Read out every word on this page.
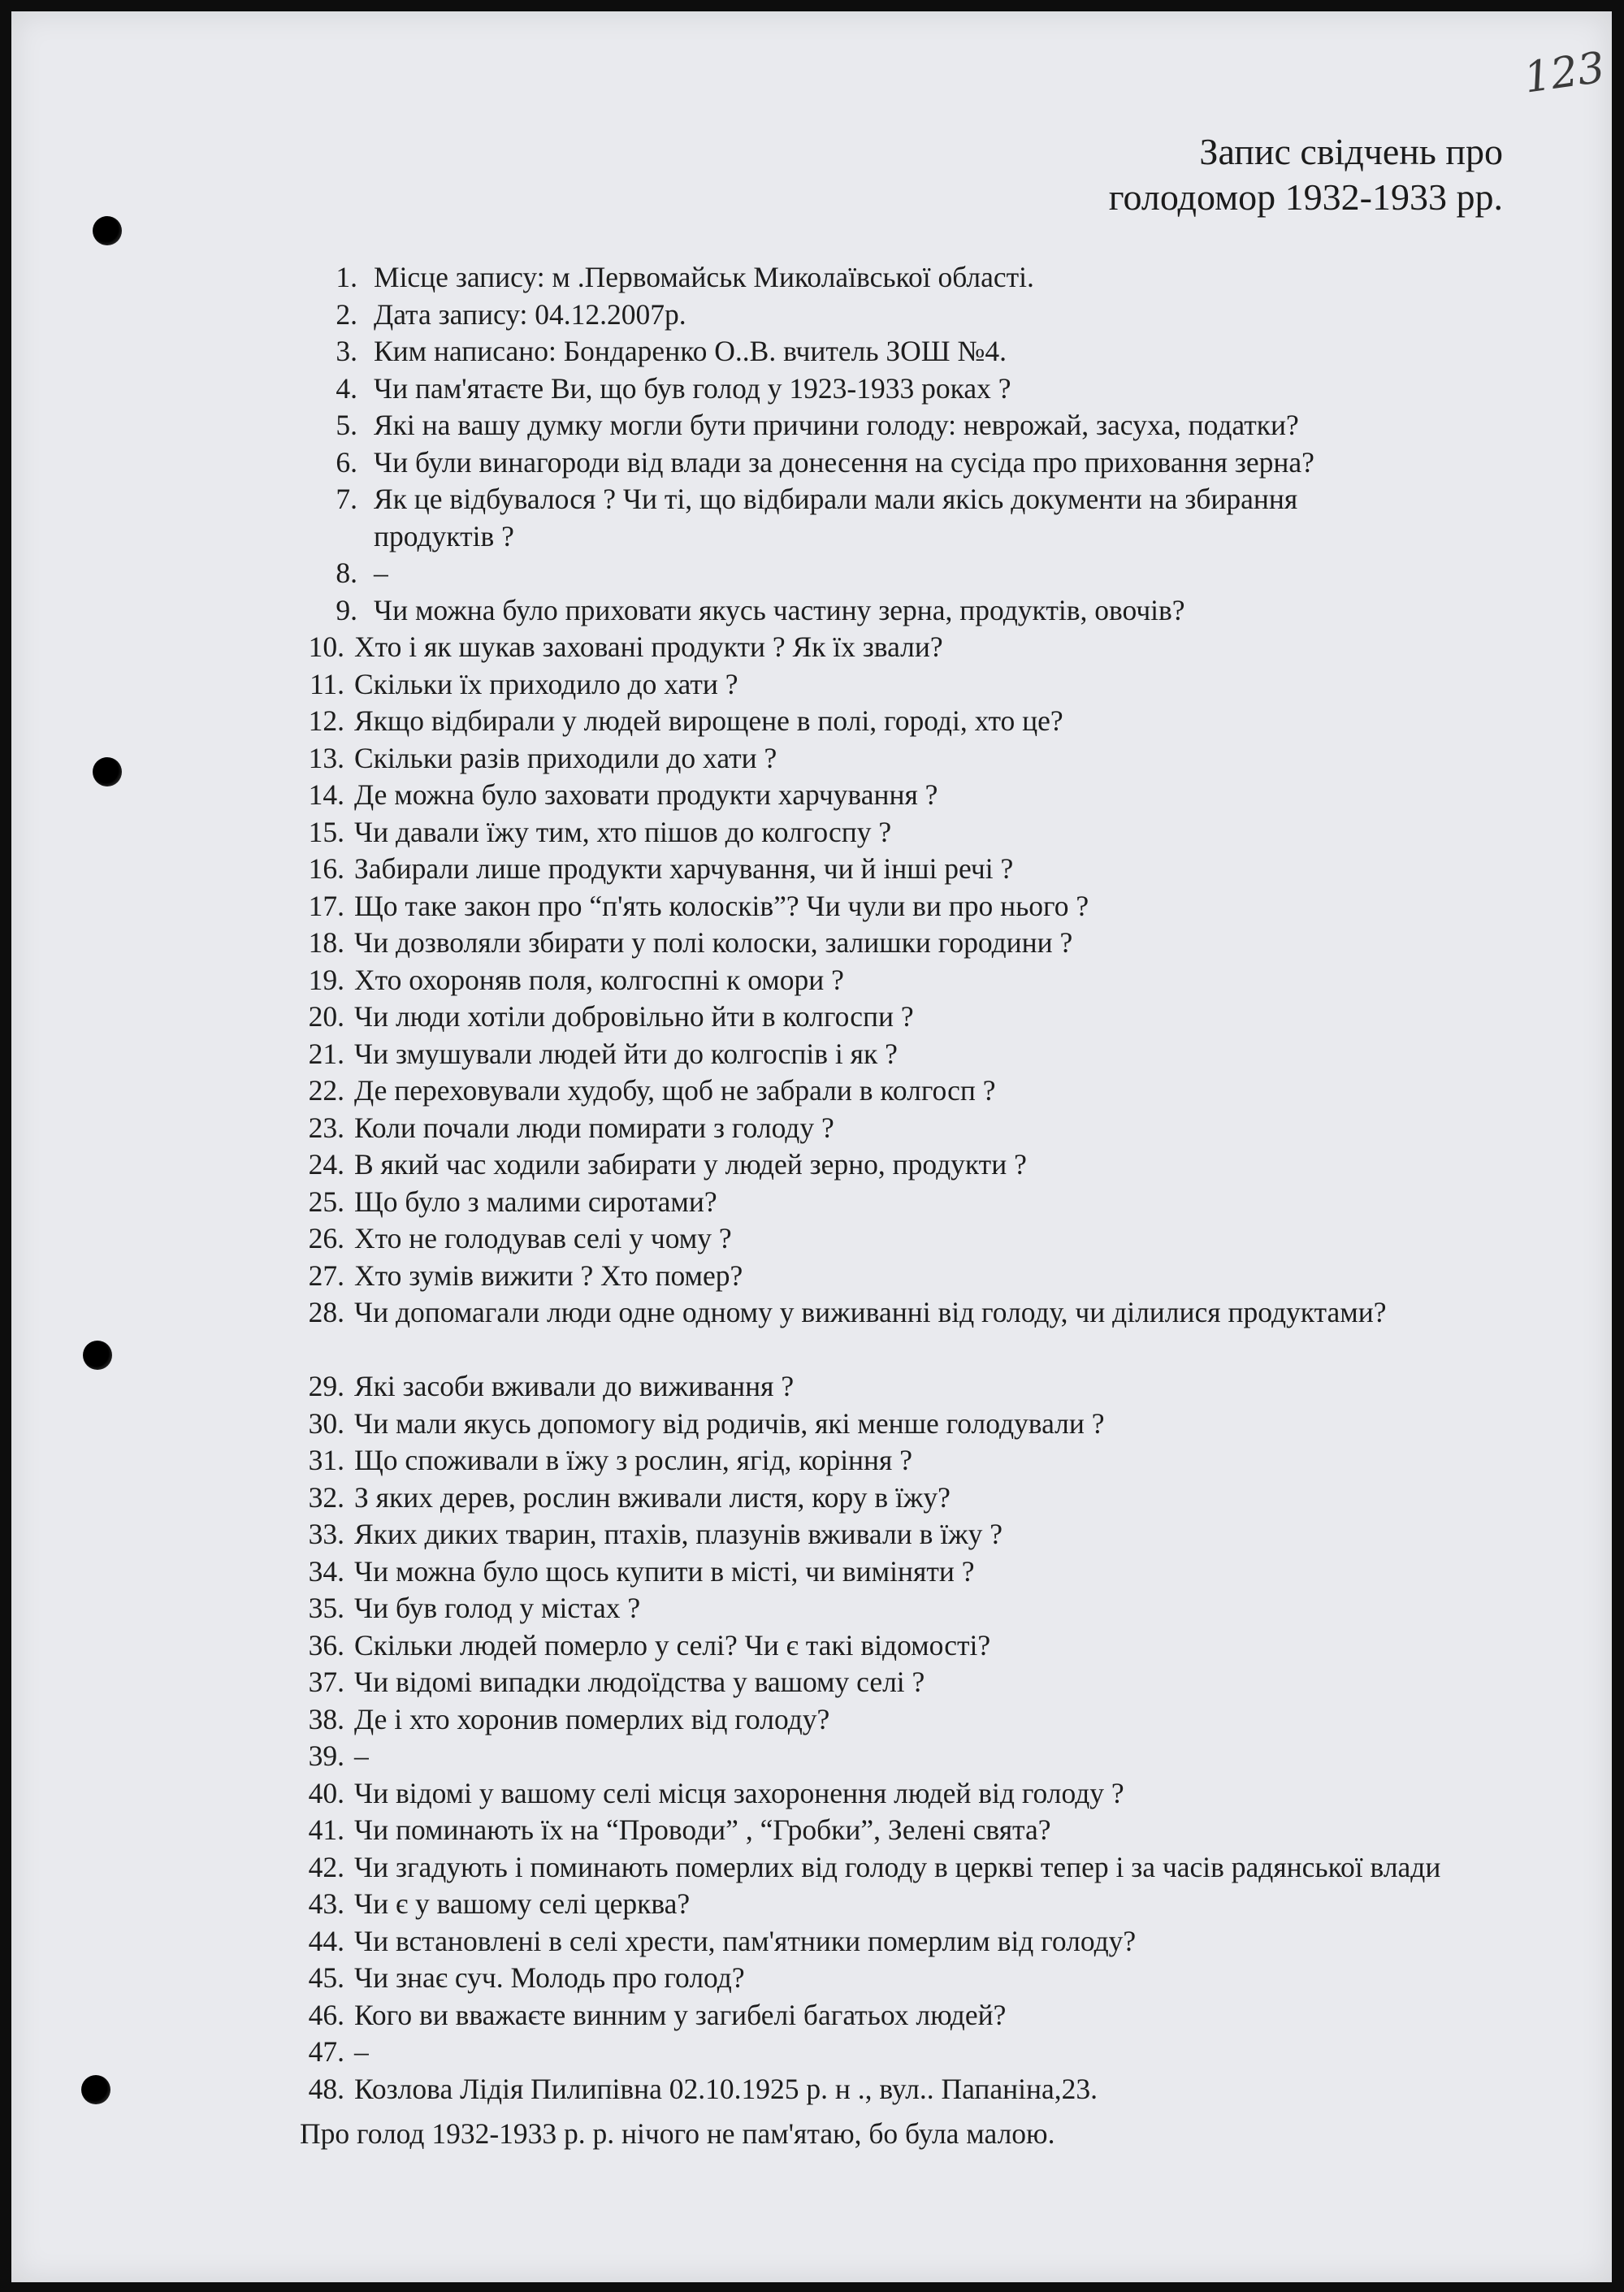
123
Запис свідчень про
голодомор 1932-1933 рр.
1. Місце запису: м .Первомайськ Миколаївської області.
2. Дата запису: 04.12.2007р.
3. Ким написано: Бондаренко О..В. вчитель ЗОШ №4.
4. Чи пам'ятаєте Ви, що був голод у 1923-1933 роках ?
5. Які на вашу думку могли бути причини голоду: неврожай, засуха, податки?
6. Чи були винагороди від влади за донесення на сусіда про приховання зерна?
7. Як це відбувалося ? Чи ті, що відбирали мали якісь документи на збирання продуктів ?
8. –
9. Чи можна було приховати якусь частину зерна, продуктів, овочів?
10. Хто і як шукав заховані продукти ? Як їх звали?
11. Скільки їх приходило до хати ?
12. Якщо відбирали у людей вирощене в полі, городі, хто це?
13. Скільки разів приходили до хати ?
14. Де можна було заховати продукти харчування ?
15. Чи давали їжу тим, хто пішов до колгоспу ?
16. Забирали лише продукти харчування, чи й інші речі ?
17. Що таке закон про “п'ять колосків”? Чи чули ви про нього ?
18. Чи дозволяли збирати у полі колоски, залишки городини ?
19. Хто охороняв поля, колгоспні к омори ?
20. Чи люди хотіли добровільно йти в колгоспи ?
21. Чи змушували людей йти до колгоспів і як ?
22. Де переховували худобу, щоб не забрали в колгосп ?
23. Коли почали люди помирати з голоду ?
24. В який час ходили забирати у людей зерно, продукти ?
25. Що було з малими сиротами?
26. Хто не голодував селі у чому ?
27. Хто зумів вижити ? Хто помер?
28. Чи допомагали люди одне одному у виживанні від голоду, чи ділилися продуктами?
29. Які засоби вживали до виживання ?
30. Чи мали якусь допомогу від родичів, які менше голодували ?
31. Що споживали в їжу з рослин, ягід, коріння ?
32. З яких дерев, рослин вживали листя, кору в їжу?
33. Яких диких тварин, птахів, плазунів вживали в їжу ?
34. Чи можна було щось купити в місті, чи виміняти ?
35. Чи був голод у містах ?
36. Скільки людей померло у селі? Чи є такі відомості?
37. Чи відомі випадки людоїдства у вашому селі ?
38. Де і хто хоронив померлих від голоду?
39. –
40. Чи відомі у вашому селі місця захоронення людей від голоду ?
41. Чи поминають їх на “Проводи” , “Гробки”, Зелені свята?
42. Чи згадують і поминають померлих від голоду в церкві тепер і за часів радянської влади
43. Чи є у вашому селі церква?
44. Чи встановлені в селі хрести, пам'ятники померлим від голоду?
45. Чи знає суч. Молодь про голод?
46. Кого ви вважаєте винним у загибелі багатьох людей?
47. –
48. Козлова Лідія Пилипівна 02.10.1925 р. н ., вул.. Папаніна,23.
Про голод 1932-1933 р. р. нічого не пам'ятаю, бо була малою.
